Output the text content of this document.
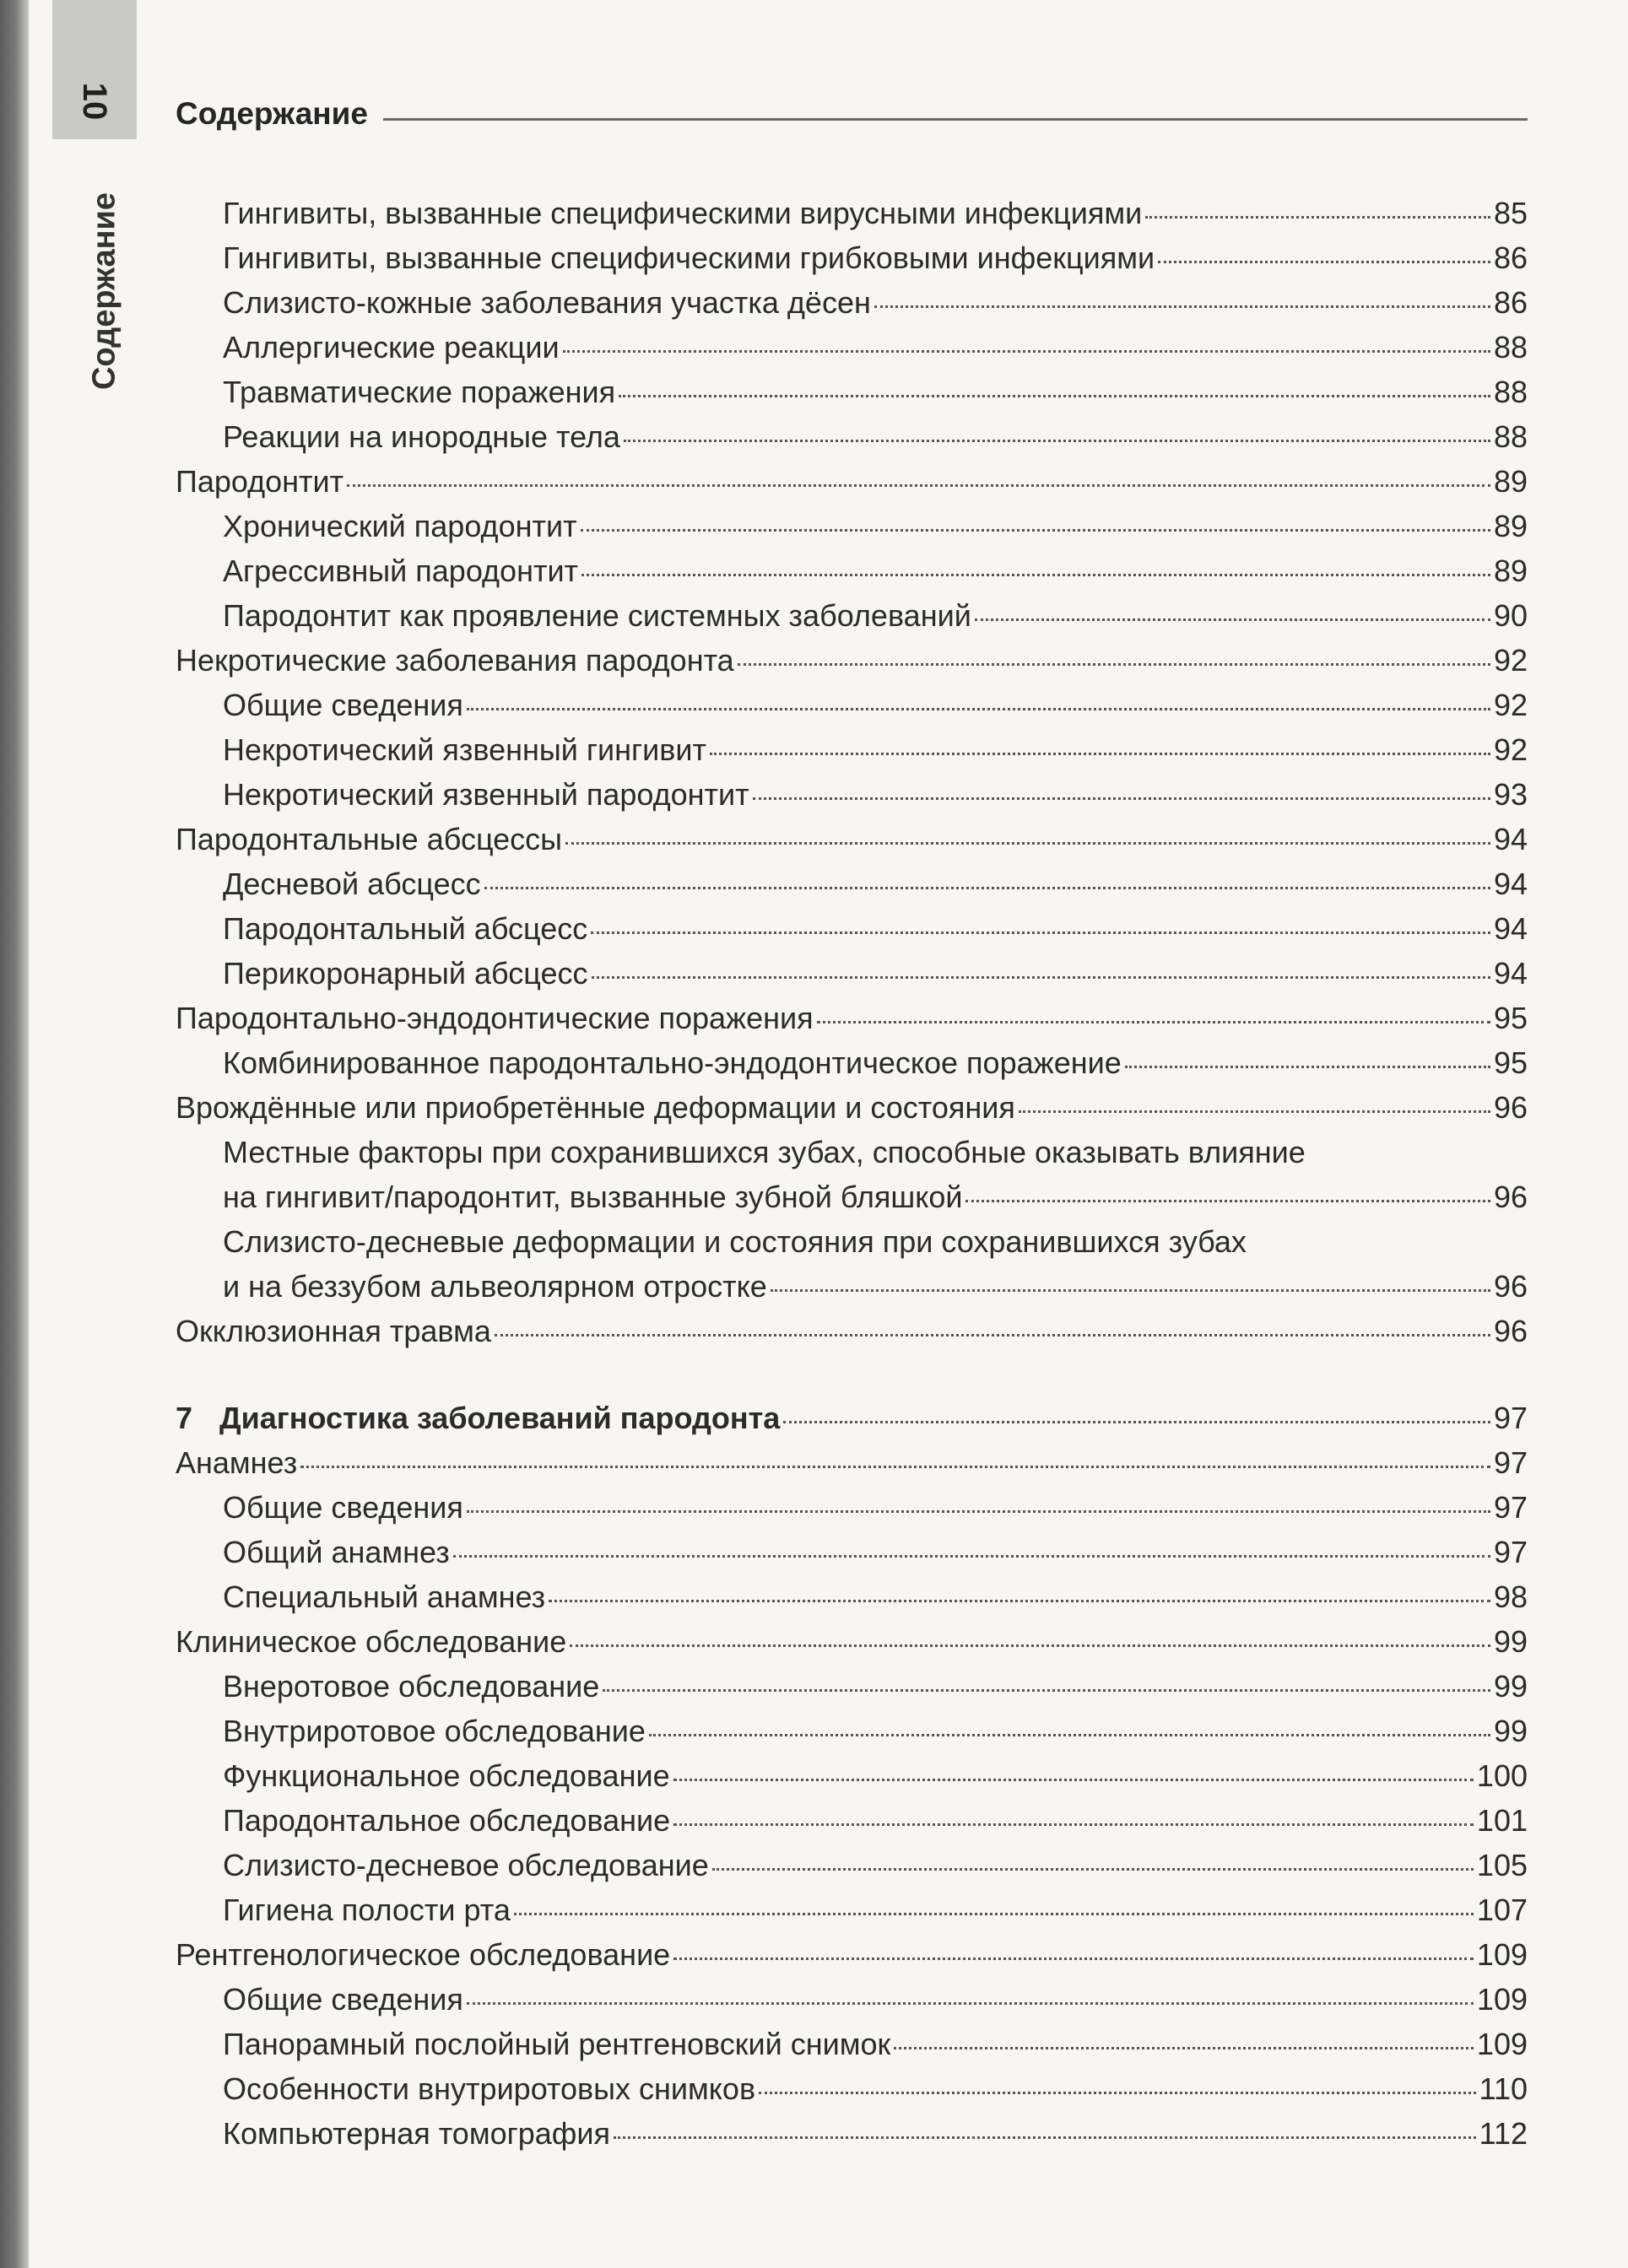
10
Содержание
Содержание
Гингивиты, вызванные специфическими вирусными инфекциями	85
Гингивиты, вызванные специфическими грибковыми инфекциями	86
Слизисто-кожные заболевания участка дёсен	86
Аллергические реакции	88
Травматические поражения	88
Реакции на инородные тела	88
Пародонтит	89
Хронический пародонтит	89
Агрессивный пародонтит	89
Пародонтит как проявление системных заболеваний	90
Некротические заболевания пародонта	92
Общие сведения	92
Некротический язвенный гингивит	92
Некротический язвенный пародонтит	93
Пародонтальные абсцессы	94
Десневой абсцесс	94
Пародонтальный абсцесс	94
Перикоронарный абсцесс	94
Пародонтально-эндодонтические поражения	95
Комбинированное пародонтально-эндодонтическое поражение	95
Врождённые или приобретённые деформации и состояния	96
Местные факторы при сохранившихся зубах, способные оказывать влияние
на гингивит/пародонтит, вызванные зубной бляшкой	96
Слизисто-десневые деформации и состояния при сохранившихся зубах
и на беззубом альвеолярном отростке	96
Окклюзионная травма	96
7 Диагностика заболеваний пародонта	97
Анамнез	97
Общие сведения	97
Общий анамнез	97
Специальный анамнез	98
Клиническое обследование	99
Внеротовое обследование	99
Внутриротовое обследование	99
Функциональное обследование	100
Пародонтальное обследование	101
Слизисто-десневое обследование	105
Гигиена полости рта	107
Рентгенологическое обследование	109
Общие сведения	109
Панорамный послойный рентгеновский снимок	109
Особенности внутриротовых снимков	110
Компьютерная томография	112
